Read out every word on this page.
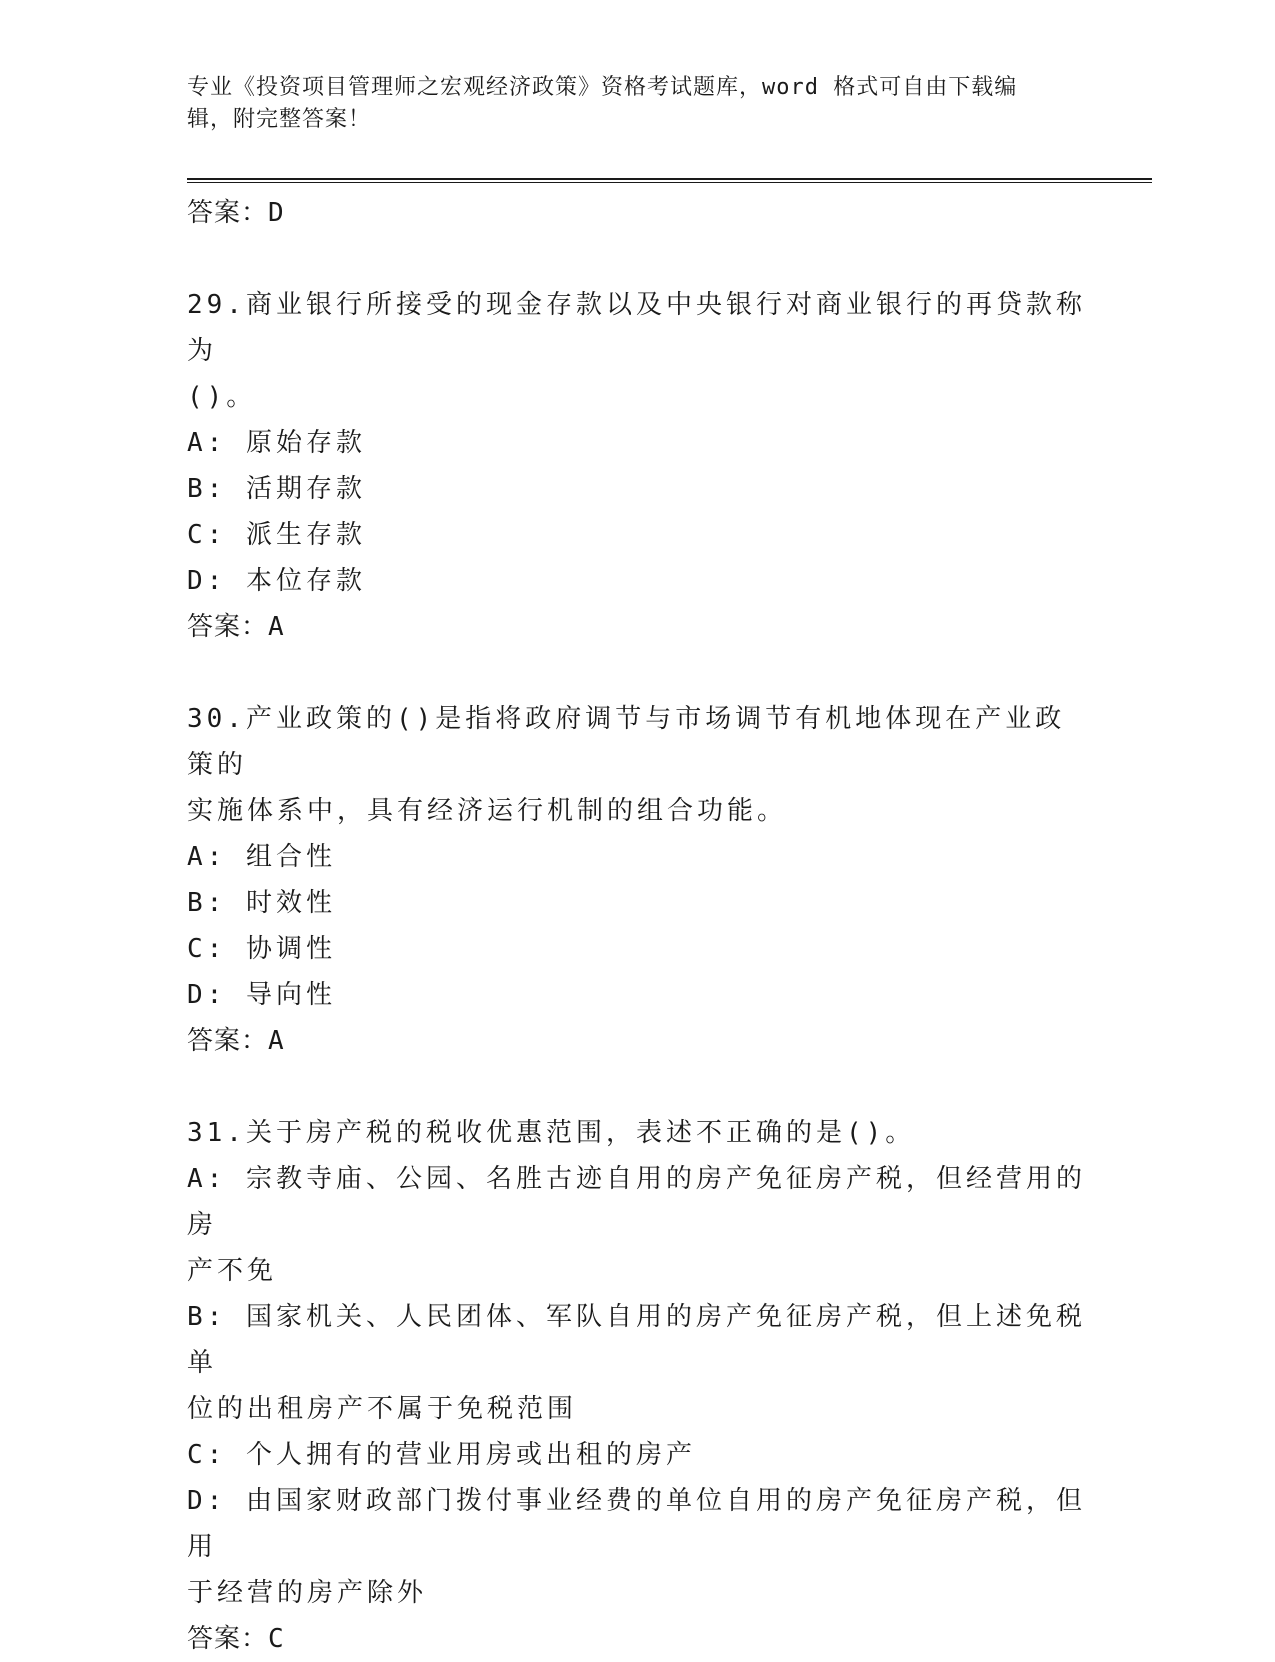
专业《投资项目管理师之宏观经济政策》资格考试题库，word 格式可自由下载编
辑，附完整答案！
答案：D
29.商业银行所接受的现金存款以及中央银行对商业银行的再贷款称为
()。
A: 原始存款
B: 活期存款
C: 派生存款
D: 本位存款
答案：A
30.产业政策的()是指将政府调节与市场调节有机地体现在产业政策的
实施体系中，具有经济运行机制的组合功能。
A: 组合性
B: 时效性
C: 协调性
D: 导向性
答案：A
31.关于房产税的税收优惠范围，表述不正确的是()。
A: 宗教寺庙、公园、名胜古迹自用的房产免征房产税，但经营用的房
产不免
B: 国家机关、人民团体、军队自用的房产免征房产税，但上述免税单
位的出租房产不属于免税范围
C: 个人拥有的营业用房或出租的房产
D: 由国家财政部门拨付事业经费的单位自用的房产免征房产税，但用
于经营的房产除外
答案：C
